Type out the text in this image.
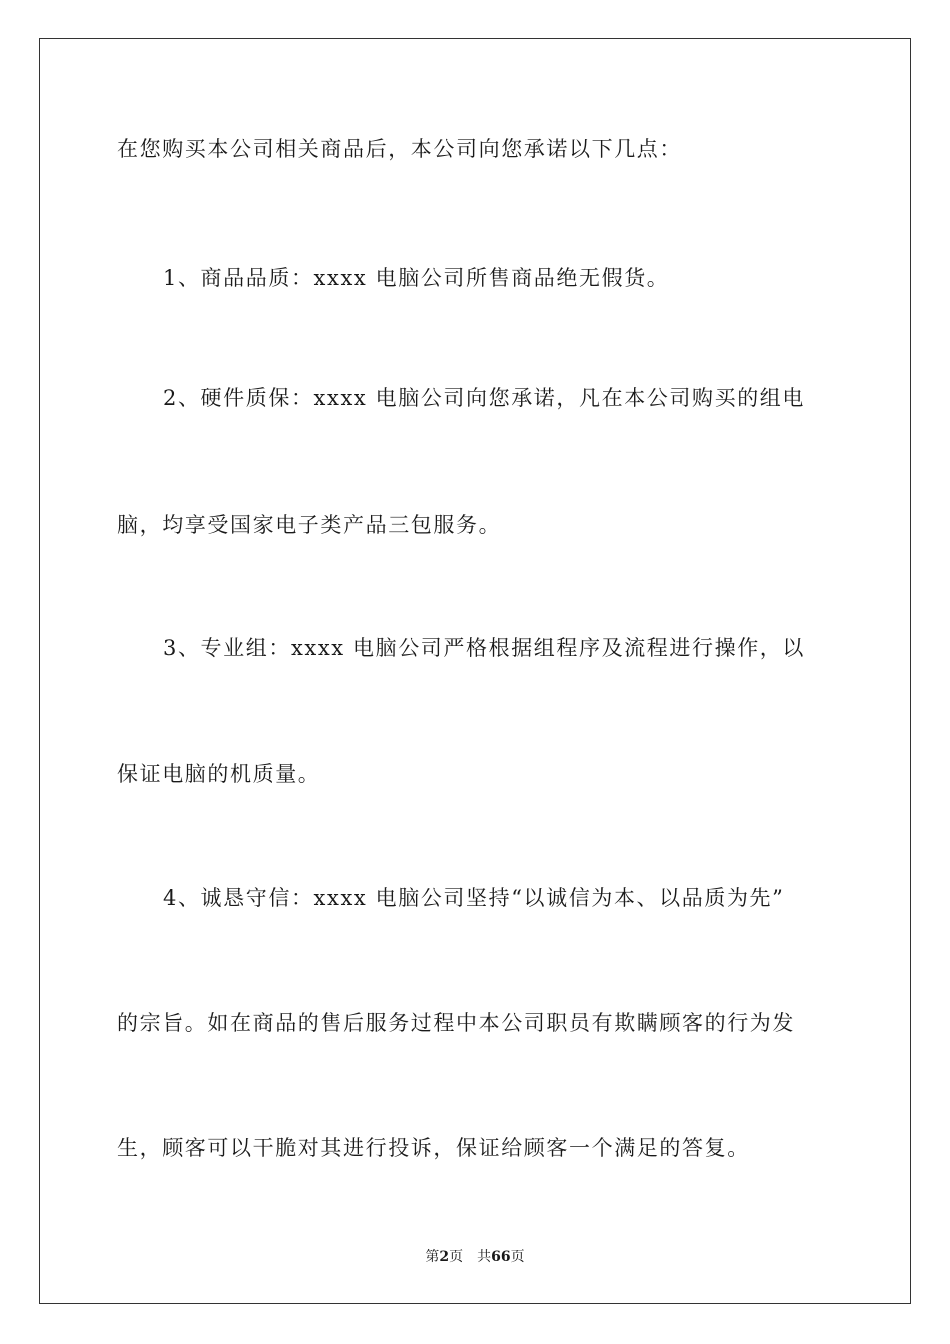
在您购买本公司相关商品后，本公司向您承诺以下几点：
1、商品品质：xxxx 电脑公司所售商品绝无假货。
2、硬件质保：xxxx 电脑公司向您承诺，凡在本公司购买的组电
脑，均享受国家电子类产品三包服务。
3、专业组：xxxx 电脑公司严格根据组程序及流程进行操作，以
保证电脑的机质量。
4、诚恳守信：xxxx 电脑公司坚持“以诚信为本、以品质为先”
的宗旨。如在商品的售后服务过程中本公司职员有欺瞒顾客的行为发
生，顾客可以干脆对其进行投诉，保证给顾客一个满足的答复。
第2页 共66页
